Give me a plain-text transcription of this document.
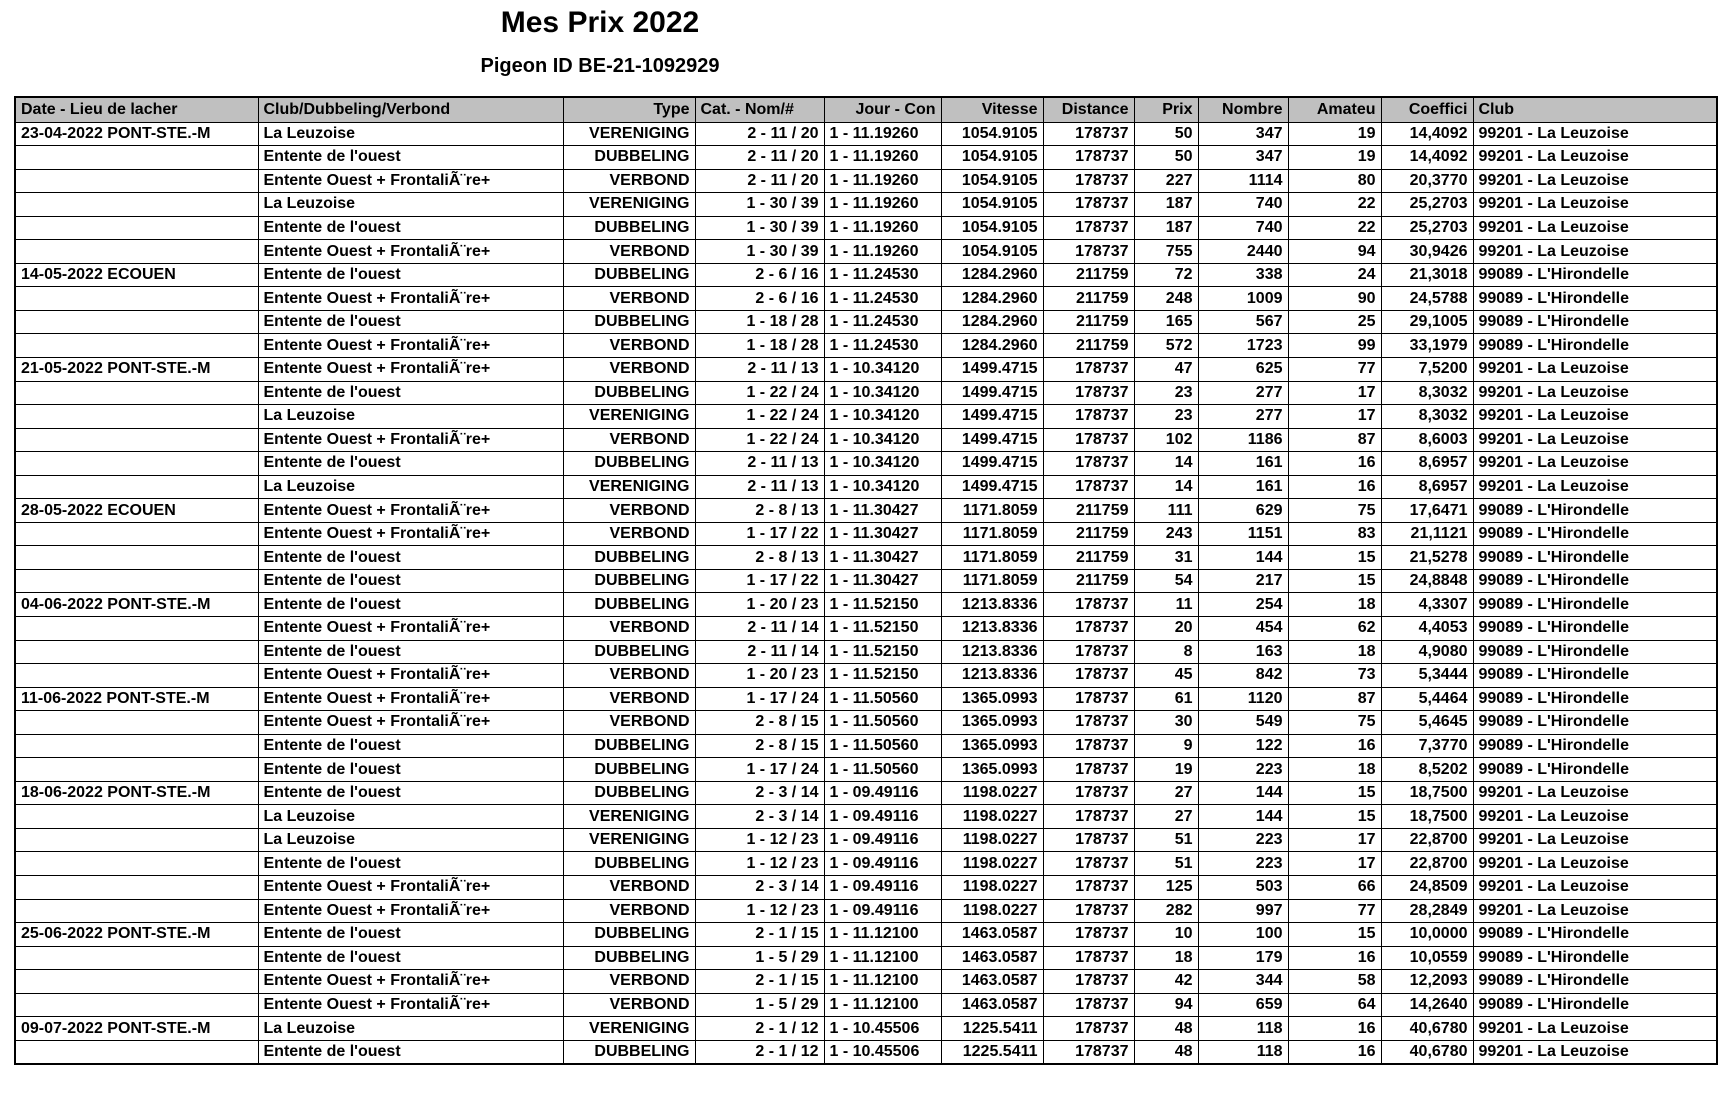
Mes Prix 2022
Pigeon ID BE-21-1092929
Date - Lieu de lacher	Club/Dubbeling/Verbond	Type	Cat. - Nom/#	Jour - Con	Vitesse	Distance	Prix	Nombre	Amateu	Coeffici	Club
23-04-2022 PONT-STE.-M	La Leuzoise	VERENIGING	2 - 11 / 20	1 - 11.19260	1054.9105	178737	50	347	19	14,4092	99201 - La Leuzoise
	Entente de l'ouest	DUBBELING	2 - 11 / 20	1 - 11.19260	1054.9105	178737	50	347	19	14,4092	99201 - La Leuzoise
	Entente Ouest + FrontaliÃ¨re+	VERBOND	2 - 11 / 20	1 - 11.19260	1054.9105	178737	227	1114	80	20,3770	99201 - La Leuzoise
	La Leuzoise	VERENIGING	1 - 30 / 39	1 - 11.19260	1054.9105	178737	187	740	22	25,2703	99201 - La Leuzoise
	Entente de l'ouest	DUBBELING	1 - 30 / 39	1 - 11.19260	1054.9105	178737	187	740	22	25,2703	99201 - La Leuzoise
	Entente Ouest + FrontaliÃ¨re+	VERBOND	1 - 30 / 39	1 - 11.19260	1054.9105	178737	755	2440	94	30,9426	99201 - La Leuzoise
14-05-2022 ECOUEN	Entente de l'ouest	DUBBELING	2 - 6 / 16	1 - 11.24530	1284.2960	211759	72	338	24	21,3018	99089 - L'Hirondelle
	Entente Ouest + FrontaliÃ¨re+	VERBOND	2 - 6 / 16	1 - 11.24530	1284.2960	211759	248	1009	90	24,5788	99089 - L'Hirondelle
	Entente de l'ouest	DUBBELING	1 - 18 / 28	1 - 11.24530	1284.2960	211759	165	567	25	29,1005	99089 - L'Hirondelle
	Entente Ouest + FrontaliÃ¨re+	VERBOND	1 - 18 / 28	1 - 11.24530	1284.2960	211759	572	1723	99	33,1979	99089 - L'Hirondelle
21-05-2022 PONT-STE.-M	Entente Ouest + FrontaliÃ¨re+	VERBOND	2 - 11 / 13	1 - 10.34120	1499.4715	178737	47	625	77	7,5200	99201 - La Leuzoise
	Entente de l'ouest	DUBBELING	1 - 22 / 24	1 - 10.34120	1499.4715	178737	23	277	17	8,3032	99201 - La Leuzoise
	La Leuzoise	VERENIGING	1 - 22 / 24	1 - 10.34120	1499.4715	178737	23	277	17	8,3032	99201 - La Leuzoise
	Entente Ouest + FrontaliÃ¨re+	VERBOND	1 - 22 / 24	1 - 10.34120	1499.4715	178737	102	1186	87	8,6003	99201 - La Leuzoise
	Entente de l'ouest	DUBBELING	2 - 11 / 13	1 - 10.34120	1499.4715	178737	14	161	16	8,6957	99201 - La Leuzoise
	La Leuzoise	VERENIGING	2 - 11 / 13	1 - 10.34120	1499.4715	178737	14	161	16	8,6957	99201 - La Leuzoise
28-05-2022 ECOUEN	Entente Ouest + FrontaliÃ¨re+	VERBOND	2 - 8 / 13	1 - 11.30427	1171.8059	211759	111	629	75	17,6471	99089 - L'Hirondelle
	Entente Ouest + FrontaliÃ¨re+	VERBOND	1 - 17 / 22	1 - 11.30427	1171.8059	211759	243	1151	83	21,1121	99089 - L'Hirondelle
	Entente de l'ouest	DUBBELING	2 - 8 / 13	1 - 11.30427	1171.8059	211759	31	144	15	21,5278	99089 - L'Hirondelle
	Entente de l'ouest	DUBBELING	1 - 17 / 22	1 - 11.30427	1171.8059	211759	54	217	15	24,8848	99089 - L'Hirondelle
04-06-2022 PONT-STE.-M	Entente de l'ouest	DUBBELING	1 - 20 / 23	1 - 11.52150	1213.8336	178737	11	254	18	4,3307	99089 - L'Hirondelle
	Entente Ouest + FrontaliÃ¨re+	VERBOND	2 - 11 / 14	1 - 11.52150	1213.8336	178737	20	454	62	4,4053	99089 - L'Hirondelle
	Entente de l'ouest	DUBBELING	2 - 11 / 14	1 - 11.52150	1213.8336	178737	8	163	18	4,9080	99089 - L'Hirondelle
	Entente Ouest + FrontaliÃ¨re+	VERBOND	1 - 20 / 23	1 - 11.52150	1213.8336	178737	45	842	73	5,3444	99089 - L'Hirondelle
11-06-2022 PONT-STE.-M	Entente Ouest + FrontaliÃ¨re+	VERBOND	1 - 17 / 24	1 - 11.50560	1365.0993	178737	61	1120	87	5,4464	99089 - L'Hirondelle
	Entente Ouest + FrontaliÃ¨re+	VERBOND	2 - 8 / 15	1 - 11.50560	1365.0993	178737	30	549	75	5,4645	99089 - L'Hirondelle
	Entente de l'ouest	DUBBELING	2 - 8 / 15	1 - 11.50560	1365.0993	178737	9	122	16	7,3770	99089 - L'Hirondelle
	Entente de l'ouest	DUBBELING	1 - 17 / 24	1 - 11.50560	1365.0993	178737	19	223	18	8,5202	99089 - L'Hirondelle
18-06-2022 PONT-STE.-M	Entente de l'ouest	DUBBELING	2 - 3 / 14	1 - 09.49116	1198.0227	178737	27	144	15	18,7500	99201 - La Leuzoise
	La Leuzoise	VERENIGING	2 - 3 / 14	1 - 09.49116	1198.0227	178737	27	144	15	18,7500	99201 - La Leuzoise
	La Leuzoise	VERENIGING	1 - 12 / 23	1 - 09.49116	1198.0227	178737	51	223	17	22,8700	99201 - La Leuzoise
	Entente de l'ouest	DUBBELING	1 - 12 / 23	1 - 09.49116	1198.0227	178737	51	223	17	22,8700	99201 - La Leuzoise
	Entente Ouest + FrontaliÃ¨re+	VERBOND	2 - 3 / 14	1 - 09.49116	1198.0227	178737	125	503	66	24,8509	99201 - La Leuzoise
	Entente Ouest + FrontaliÃ¨re+	VERBOND	1 - 12 / 23	1 - 09.49116	1198.0227	178737	282	997	77	28,2849	99201 - La Leuzoise
25-06-2022 PONT-STE.-M	Entente de l'ouest	DUBBELING	2 - 1 / 15	1 - 11.12100	1463.0587	178737	10	100	15	10,0000	99089 - L'Hirondelle
	Entente de l'ouest	DUBBELING	1 - 5 / 29	1 - 11.12100	1463.0587	178737	18	179	16	10,0559	99089 - L'Hirondelle
	Entente Ouest + FrontaliÃ¨re+	VERBOND	2 - 1 / 15	1 - 11.12100	1463.0587	178737	42	344	58	12,2093	99089 - L'Hirondelle
	Entente Ouest + FrontaliÃ¨re+	VERBOND	1 - 5 / 29	1 - 11.12100	1463.0587	178737	94	659	64	14,2640	99089 - L'Hirondelle
09-07-2022 PONT-STE.-M	La Leuzoise	VERENIGING	2 - 1 / 12	1 - 10.45506	1225.5411	178737	48	118	16	40,6780	99201 - La Leuzoise
	Entente de l'ouest	DUBBELING	2 - 1 / 12	1 - 10.45506	1225.5411	178737	48	118	16	40,6780	99201 - La Leuzoise
